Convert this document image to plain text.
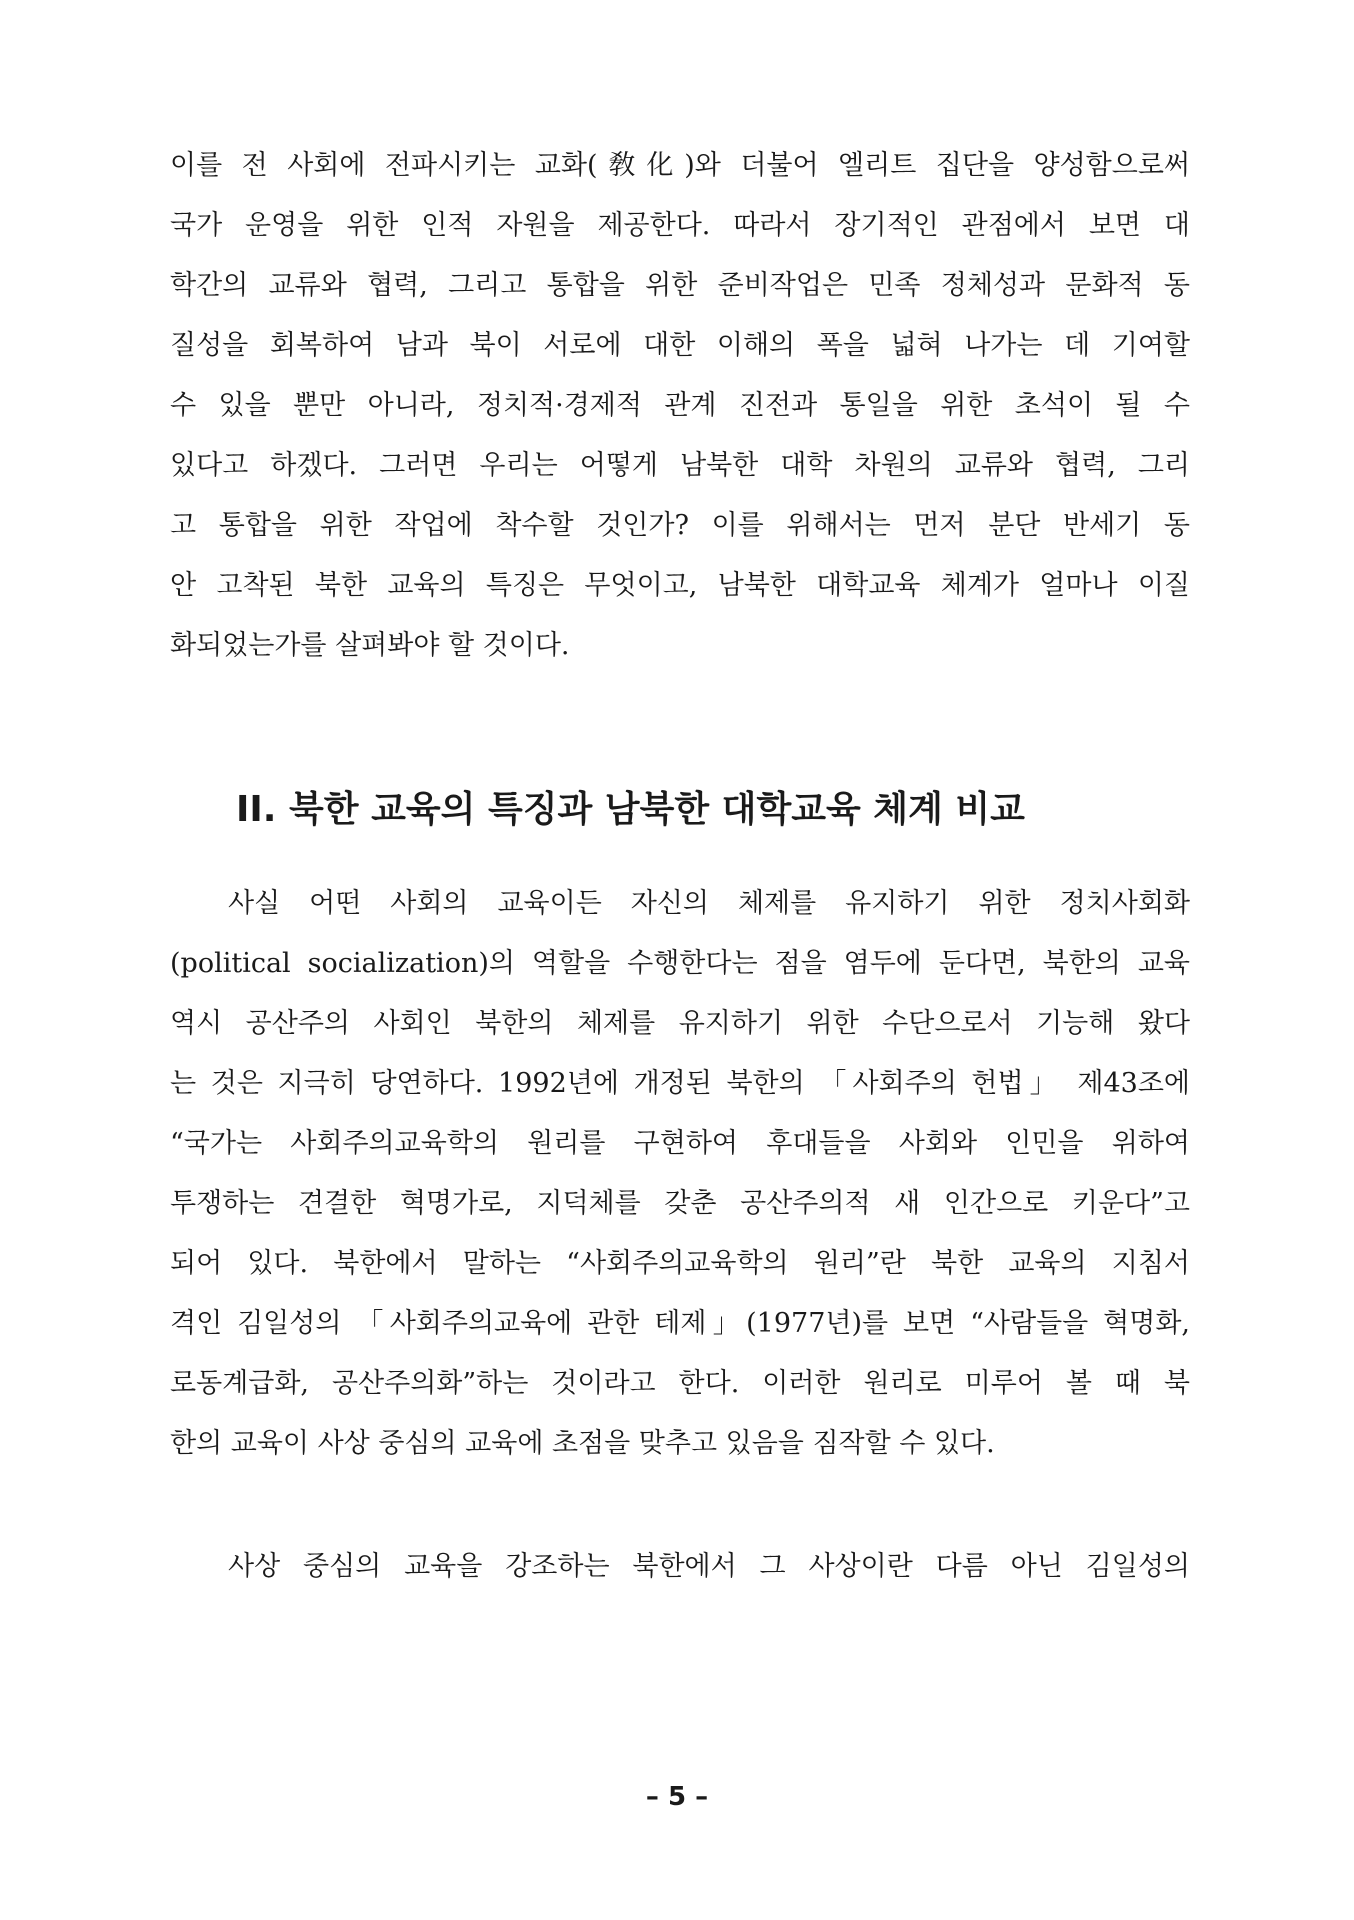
이를 전 사회에 전파시키는 교화(敎化)와 더불어 엘리트 집단을 양성함으로써
국가 운영을 위한 인적 자원을 제공한다. 따라서 장기적인 관점에서 보면 대
학간의 교류와 협력, 그리고 통합을 위한 준비작업은 민족 정체성과 문화적 동
질성을 회복하여 남과 북이 서로에 대한 이해의 폭을 넓혀 나가는 데 기여할
수 있을 뿐만 아니라, 정치적·경제적 관계 진전과 통일을 위한 초석이 될 수
있다고 하겠다. 그러면 우리는 어떻게 남북한 대학 차원의 교류와 협력, 그리
고 통합을 위한 작업에 착수할 것인가? 이를 위해서는 먼저 분단 반세기 동
안 고착된 북한 교육의 특징은 무엇이고, 남북한 대학교육 체계가 얼마나 이질
화되었는가를 살펴봐야 할 것이다.
II. 북한 교육의 특징과 남북한 대학교육 체계 비교
사실 어떤 사회의 교육이든 자신의 체제를 유지하기 위한 정치사회화
(political socialization)의 역할을 수행한다는 점을 염두에 둔다면, 북한의 교육
역시 공산주의 사회인 북한의 체제를 유지하기 위한 수단으로서 기능해 왔다
는 것은 지극히 당연하다. 1992년에 개정된 북한의 「사회주의 헌법」 제43조에
“국가는 사회주의교육학의 원리를 구현하여 후대들을 사회와 인민을 위하여
투쟁하는 견결한 혁명가로, 지덕체를 갖춘 공산주의적 새 인간으로 키운다”고
되어 있다. 북한에서 말하는 “사회주의교육학의 원리”란 북한 교육의 지침서
격인 김일성의 「사회주의교육에 관한 테제」(1977년)를 보면 “사람들을 혁명화,
로동계급화, 공산주의화”하는 것이라고 한다. 이러한 원리로 미루어 볼 때 북
한의 교육이 사상 중심의 교육에 초점을 맞추고 있음을 짐작할 수 있다.
사상 중심의 교육을 강조하는 북한에서 그 사상이란 다름 아닌 김일성의
– 5 –
